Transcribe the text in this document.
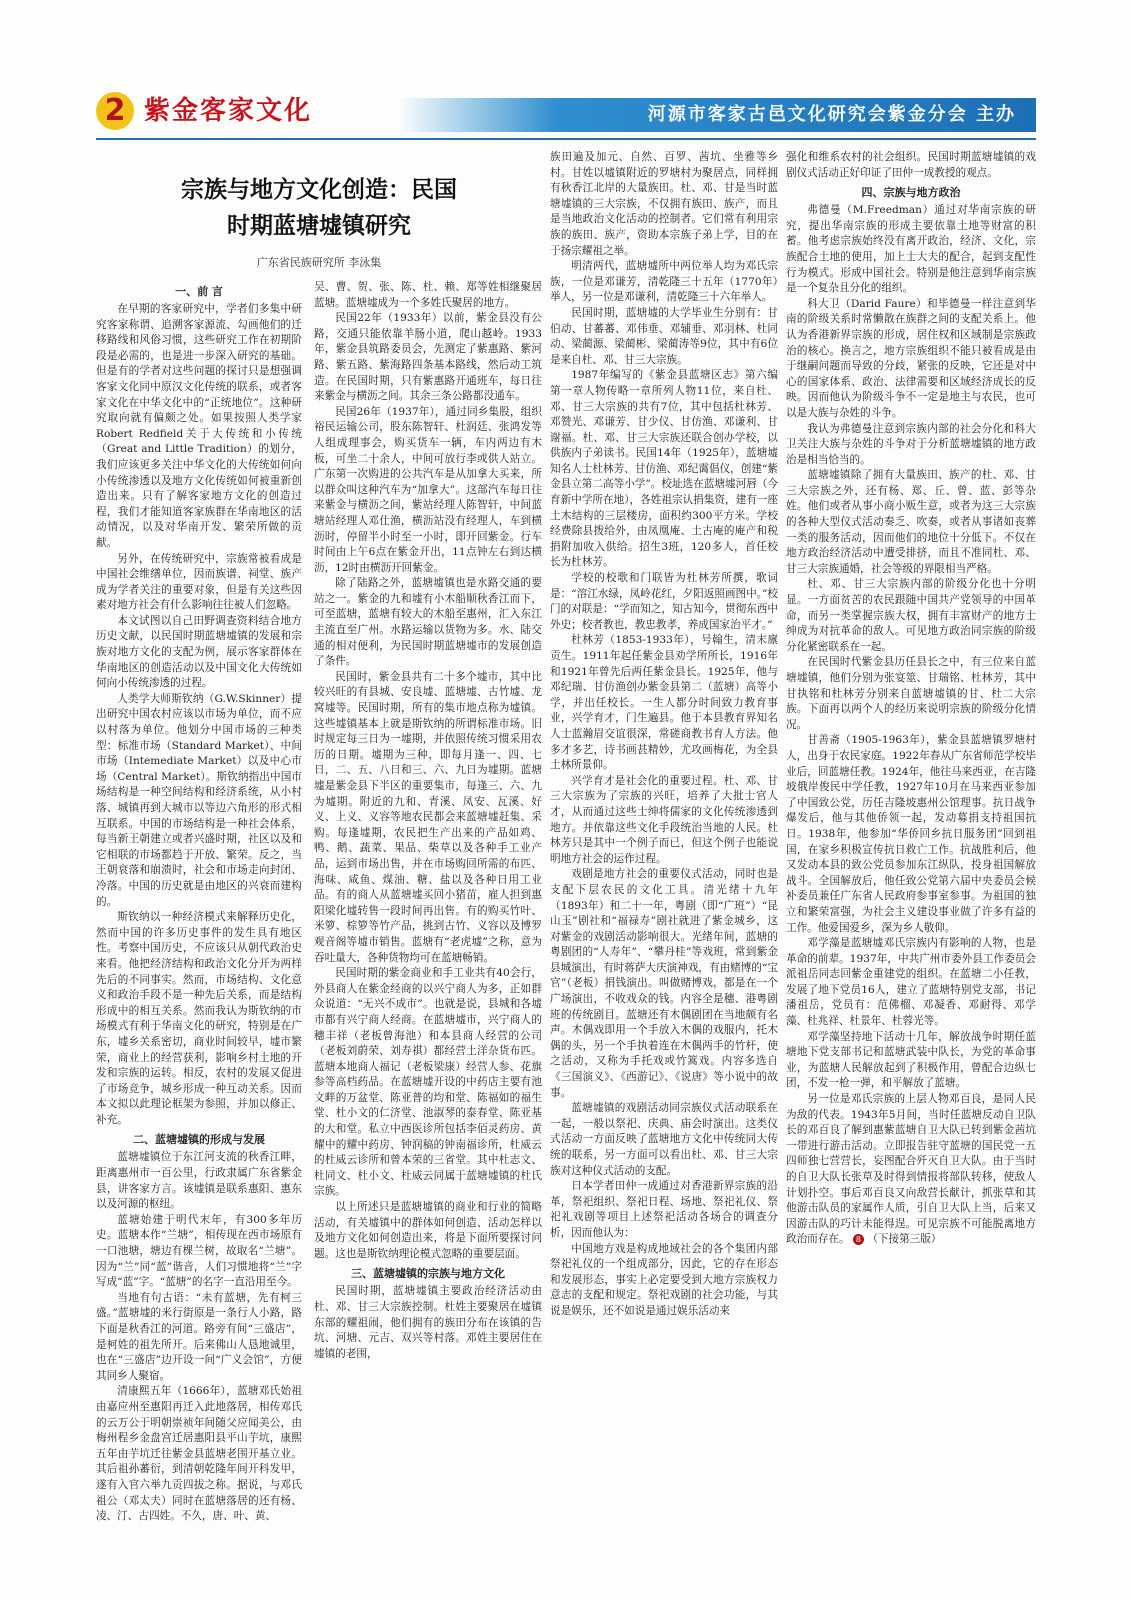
2 紫金客家文化	河源市客家古邑文化研究会紫金分会 主办
宗族与地方文化创造：民国
时期蓝塘墟镇研究
广东省民族研究所 李泳集
一、前 言

在早期的客家研究中，学者们多集中研究客家称谓、追溯客家源流、勾画他们的迁移路线和风俗习惯，这些研究工作在初期阶段是必需的，也是进一步深入研究的基础。但是有的学者对这些问题的探讨只是想强调客家文化同中原汉文化传统的联系，或者客家文化在中华文化中的“正统地位”。这种研究取向就有偏颇之处。如果按照人类学家Robert Redfield关于大传统和小传统（Great and Little Tradition）的划分，我们应该更多关注中华文化的大传统如何向小传统渗透以及地方文化传统如何被重新创造出来。只有了解客家地方文化的创造过程，我们才能知道客家族群在华南地区的活动情况，以及对华南开发、繁荣所做的贡献。

另外，在传统研究中，宗族常被看成是中国社会维缮单位，因而族谱、祠堂、族产成为学者关注的重要对象，但是有关这些因素对地方社会有什么影响往往被人们忽略。

本文试图以自己田野调查资料结合地方历史文献，以民国时期蓝塘墟镇的发展和宗族对地方文化的支配为例，展示客家群体在华南地区的创造活动以及中国文化大传统如何向小传统渗透的过程。

人类学大师斯钦纳（G.W.Skinner）提出研究中国农村应该以市场为单位，而不应以村落为单位。他划分中国市场的三种类型：标准市场（Standard Market）、中间市场（Intemediate Market）以及中心市场（Central Market）。斯钦纳指出中国市场结构是一种空间结构和经济系统，从小村落、城镇再到大城市以等边六角形的形式相互联系。中国的市场结构是一种社会体系，每当新王朝建立或者兴盛时期，社区以及和它相联的市场都趋于开放、繁荣。反之，当王朝衰落和崩溃时，社会和市场走向封闭、冷落。中国的历史就是由地区的兴衰而建构的。

斯钦纳以一种经济模式来解释历史化，然而中国的许多历史事件的发生具有地区性。考察中国历史，不应该只从朝代政治史来看。他把经济结构和政治文化分开为两样先后的不同事实。然而，市场结构、文化意义和政治手段不是一种先后关系，而是结构形成中的相互关系。然而我认为斯钦纳的市场模式有利于华南文化的研究，特别是在广东，墟乡关系密切，商业时间较早，墟市繁荣，商业上的经营获利，影响乡村土地的开发和宗族的运转。相反，农村的发展又促进了市场竞争，城乡形成一种互动关系。因而本文拟以此理论框架为参照，并加以修正、补充。

二、蓝塘墟镇的形成与发展

蓝塘墟镇位于东江河支流的秋香江畔，距离惠州市一百公里，行政隶属广东省紫金县，讲客家方言。该墟镇是联系惠阳、惠东以及河源的枢纽。

蓝塘始建于明代末年，有300多年历史。蓝塘本作“兰塘”，相传现在西市场原有一口池塘，塘边有棵兰树，故取名“兰塘”。因为“兰”同“蓝”谐音，人们习惯地将“兰”字写成“蓝”字。“蓝塘”的名字一直沿用至今。

当地有句古语：“未有蓝塘，先有柯三盛。”蓝塘墟的米行街原是一条行人小路，路下面是秋香江的河道。路旁有间“三盛店”，是柯姓的祖先所开。后来佛山人恳地诚里，也在“三盛店”边开设一间“广义会馆”，方便其同乡人聚宿。

清康熙五年（1666年），蓝塘邓氏始祖由嘉应州至惠阳再迁入此地落居，相传邓氏的云万公于明朝崇祯年间随父应闻美公，由梅州程乡金盘宫迁居惠阳县平山芋坑，康熙五年由芋坑迁往紫金县蓝塘老围开基立业。其后祖孙蕃衍，到清朝乾隆年间开科发甲，遂有入官六举九贡四拔之称。据说，与邓氏祖公（邓太夫）同时在蓝塘落居的还有杨、凌、汀、古四姓。不久，唐、叶、黄、

吴、曹、贺、张、陈、杜、赖、郑等姓相继聚居蓝塘。蓝塘墟成为一个多姓氏聚居的地方。

民国22年（1933年）以前，紫金县没有公路，交通只能依靠羊肠小道，爬山越岭。1933年，紫金县筑路委员会，先测定了紫惠路、紫河路、紫五路、紫海路四条基本路线，然后动工筑造。在民国时期，只有紫惠路开通班车，每日往来紫金与横沥之间。其余三条公路都没通车。

民国26年（1937年），通过同乡集股，组织裕民运输公司，股东陈智轩、杜润廷、张鸿发等人组成理事会，购买货车一辆，车内两边有木板，可坐二十余人，中间可放行李或供人站立。广东第一次购进的公共汽车是从加拿大买来，所以群众叫这种汽车为“加拿大”。这部汽车每日往来紫金与横沥之间，紫站经理人陈智轩，中间蓝塘站经理人邓仕渔，横沥站没有经理人，车到横沥时，停留半小时至一小时，即开回紫金。行车时间由上午6点在紫金开出，11点钟左右到达横沥，12时由横沥开回紫金。

除了陆路之外，蓝塘墟镇也是水路交通的要站之一。紫金的九和墟有小木船顺秋香江而下，可至蓝塘，蓝塘有较大的木船至惠州，汇入东江主流直至广州。水路运输以货物为多。水、陆交通的相对便利，为民国时期蓝塘墟市的发展创造了条件。

民国时，紫金县共有二十多个墟市，其中比较兴旺的有县城、安良墟、蓝塘墟、古竹墟、龙窝墟等。民国时期，所有的集市地点称为墟镇。这些墟镇基本上就是斯钦纳的所谓标准市场。旧时规定每三日为一墟期，并依照传统习惯采用农历的日期。墟期为三种，即每月逢一、四、七日，二、五、八日和三、六、九日为墟期。蓝塘墟是紫金县下半区的重要集市，每逢三、六、九为墟期。附近的九和、青溪、凤安、瓦溪、好义、上义、义容等地农民都会来蓝塘墟赶集、采购。每逢墟期，农民把生产出来的产品如鸡、鸭、鹅、蔬菜、果品、柴草以及各种手工业产品，运到市场出售，并在市场购回所需的布匹、海味、咸鱼、煤油、糖、盐以及各种日用工业品。有的商人从蓝塘墟买回小猪苗，雇人担到惠阳梁化墟转售一段时间再出售。有的购买竹叶、米箩、棕箩等竹产品，挑到古竹、义容以及博罗观音阁等墟市销售。蓝塘有“老虎墟”之称，意为吞吐量大，各种货物均可在蓝塘畅销。

民国时期的紫金商业和手工业共有40会行，外县商人在紫金经商的以兴宁商人为多，正如群众说道：“无兴不成市”。也就是说，县城和各墟市都有兴宁商人经商。在蓝塘墟市，兴宁商人的穗丰祥（老板曾海池）和本县商人经营的公司（老板刘蔚荣、刘寿祺）都经营土洋杂货布匹。蓝塘本地商人福记（老板梁康）经营人参、花旗参等高档药品。在蓝塘墟开设的中药店主要有池文畔的万盆堂、陈亚普的均和堂、陈福如的福生堂、杜小文的仁济堂、池淑琴的泰春堂、陈亚基的大和堂。私立中西医诊所包括李佰灵药房、黄耀中的耀中药房、钟润稿的钟南福诊所，杜威云的杜威云诊所和曾本荣的三省堂。其中杜志文、杜同文、杜小文、杜威云同属于蓝塘墟镇的杜氏宗族。

以上所述只是蓝塘墟镇的商业和行业的简略活动，有关墟镇中的群体如何创造、活动怎样以及地方文化如何创造出来，将是下面所要探讨问题。这也是斯钦纳理论模式忽略的重要层面。

三、蓝塘墟镇的宗族与地方文化

民国时期，蓝塘墟镇主要政治经济活动由杜、邓、甘三大宗族控制。杜姓主要聚居在墟镇东部的耀祖闹，他们拥有的族田分布在该镇的告坑、河塘、元吉、双兴等村落。邓姓主要居住在墟镇的老围，

族田遍及加元、自然、百罗、茜坑、坐雅等乡村。甘姓以墟镇附近的罗塘村为聚居点，同样拥有秋香江北岸的大量族田。杜、邓、甘是当时蓝塘墟镇的三大宗族，不仅拥有族田、族产，而且是当地政治文化活动的控制者。它们常有利用宗族的族田、族产，资助本宗族子弟上学，目的在于扬宗耀祖之举。

明清两代，蓝塘墟所中两位举人均为邓氏宗族，一位是邓谦芳，清乾隆三十五年（1770年）举人，另一位是邓谦利，清乾隆三十六年举人。

民国时期，蓝塘墟的大学毕业生分别有：甘伯动、甘蕃蕃、邓伟垂、邓辅垂、邓羽林、杜同动、梁蔺源、梁蔺彬、梁蔺涛等9位，其中有6位是来自杜、邓、甘三大宗族。

1987年编写的《紫金县蓝塘区志》第六编第一章人物传略一章所列人物11位，来自杜、邓、甘三大宗族的共有7位，其中包括杜林芳、邓赞光、邓谦芳、甘少仪、甘仿渔、邓谦利、甘谢福。杜、邓、甘三大宗族还联合创办学校，以供族内子弟读书。民国14年（1925年），蓝塘墟知名人士杜林芳、甘仿渔、邓纪霭倡仪，创建“紫金县立第二高等小学”。校址选在蓝塘墟河唇（今育新中学所在地），各姓祖宗认捐集资，建有一座土木结构的三层楼房，面积约300平方米。学校经费除县拨给外，由凤凰庵、土古庵的庵产和税捐附加收入供给。招生3班，120多人，首任校长为杜林芳。

学校的校歌和门联皆为杜林芳所撰，歌词是：“溶江水绿，凤岭花红，夕阳返照画图中。”校门的对联是：“学而知之，知古知今，贯彻东西中外史；校者教也，教忠教孝，养成国家治平才。”

杜林芳（1853-1933年），号翰生，清末廪贡生。1911年起任紫金县劝学所所长，1916年和1921年曾先后两任紫金县长。1925年，他与邓纪瑞、甘仿渔创办紫金县第二（蓝塘）高等小学，并出任校长。一生人都分时间致力教育事业，兴学育才，门生遍县。他于本县教育界知名人士蓝瀚眉交谊很深，常磋商教书育人方法。他多才多艺，诗书画甚精妙，尤攻画梅花，为全县土林所景仰。

兴学育才是社会化的重要过程。杜、邓、甘三大宗族为了宗族的兴旺，培养了大批士官人才，从而通过这些士绅将儒家的文化传统渗透到地方。并依靠这些文化手段统治当地的人民。杜林芳只是其中一个例子而已，但这个例子也能说明地方社会的运作过程。

戏剧是地方社会的重要仪式活动，同时也是支配下层农民的文化工具。清光绪十九年（1893年）和二十一年，粤剧（即“广班”）“昆山玉”剧社和“福禄寿”剧社就进了紫金城乡，这对紫金的戏剧活动影响很大。光绪年间，蓝塘的粤剧团的“人寿年”、“攀丹桂”等戏班，常到紫金县城演出，有时蒋萨大庆演神戏，有由赌博的“宝官”（老板）捐钱演出。叫做赌博戏，都是在一个广场演出，不收戏众的钱。内容全是穗、港粤剧班的传统剧目。蓝塘还有木偶剧团在当地颇有名声。木偶戏即用一个手放入木偶的戏服内，托木偶的头，另一个手执着连在木偶两手的竹杆，使之活动，又称为手托戏或竹篙戏。内容多选自《三国演义》、《西游记》、《说唐》等小说中的故事。

蓝塘墟镇的戏剧活动同宗族仪式活动联系在一起，一般以祭祀、庆典、庙会时演出。这类仪式活动一方面反映了蓝塘地方文化中传统同大传统的联系，另一方面可以看出杜、邓、甘三大宗族对这种仪式活动的支配。

日本学者田仲一成通过对香港新界宗族的沿革，祭祀组织、祭祀日程、场地、祭祀礼仪、祭祀礼戏剧等项目上述祭祀活动各场合的调查分析，因而他认为：

中国地方戏是构成地域社会的各个集团内部祭祀礼仪的一个组成部分，因此，它的存在形态和发展形态，事实上必定要受到大地方宗族权力意志的支配和规定。祭祀戏剧的社会功能，与其说是娱乐，还不如说是通过娱乐活动来

强化和维系农村的社会组织。民国时期蓝塘墟镇的戏剧仪式活动正好印证了田仲一成教授的观点。

四、宗族与地方政治

弗德曼（M.Freedman）通过对华南宗族的研究，提出华南宗族的形成主要依靠土地等财富的积蓄。他考虑宗族始终没有离开政治，经济、文化，宗族配合土地的使用，加上士大夫的配合，起到支配性行为模式。形成中国社会。特别是他注意到华南宗族是一个复杂且分化的组织。

科大卫（Darid Faure）和毕德曼一样注意到华南的阶级关系时常懒散在族群之间的支配关系上。他认为香港新界宗族的形成，居住权和区域制是宗族政治的核心。换言之，地方宗族组织不能只被看成是由于继嗣问题而导致的分歧，紧张的反映，它还是对中心的国家体系、政治、法律需要和区域经济成长的反映。因而他认为阶级斗争不一定是地主与农民，也可以是大族与杂姓的斗争。

我认为弗德曼注意到宗族内部的社会分化和科大卫关注大族与杂姓的斗争对于分析蓝塘墟镇的地方政治是相当恰当的。

蓝塘墟镇除了拥有大量族田、族产的杜、邓、甘三大宗族之外，还有杨、郑、丘、曾、蓝、彭等杂姓。他们或者从事小商小贩生意，或者为这三大宗族的各种大型仪式活动奏乏、吹奏，或者从事诸如丧葬一类的服务活动，因而他们的地位十分低下。不仅在地方政治经济活动中遭受排挤，而且不准同杜、邓、甘三大宗族通婚，社会等级的界限相当严格。

杜、邓、甘三大宗族内部的阶级分化也十分明显。一方面贫苦的农民跟随中国共产党领导的中国革命，而另一类掌握宗族大权，拥有丰富财产的地方士绅成为对抗革命的敌人。可见地方政治同宗族的阶级分化紧密联系在一起。

在民国时代紫金县历任县长之中，有三位来自蓝塘墟镇，他们分别为张宴筮、甘瑞铭、杜林芳，其中甘执铭和杜林芳分别来自蓝塘墟镇的甘、杜二大宗族。下面再以两个人的经历来说明宗族的阶级分化情况。

甘善斋（1905-1963年），紫金县蓝塘镇罗塘村人，出身于农民家庭。1922年春从广东省师范学校毕业后，回蓝塘任教。1924年，他往马来西亚，在吉隆坡俄岸俊民中学任教，1927年10月在马来西亚参加了中国致公党，历任吉隆坡惠州公馆理事。抗日战争爆发后，他与其他侨领一起，发动募捐支持祖国抗日。1938年，他参加“华侨回乡抗日服务团”回到祖国，在家乡积极宣传抗日救亡工作。抗战胜利后，他又发动本县的致公党员参加东江纵队，投身祖国解放战斗。全国解放后，他任致公党第六届中央委员会候补委员兼任广东省人民政府参事室参事。为祖国的独立和繁荣富强，为社会主义建设事业做了许多有益的工作。他爱国爱乡，深为乡人敬仰。

邓学藻是蓝塘墟邓氏宗族内有影响的人物，也是革命的前辈。1937年，中共广州市委外县工作委员会派祖岳同志回紫金重建党的组织。在蓝塘二小任教，发展了地下党员16人，建立了蓝塘特别党支部，书记潘祖岳，党员有：范佛榴、邓凝香、邓耐得、邓学藻、杜兆祥、杜景年、杜蓉光等。

邓学藻坚持地下活动十几年，解放战争时期任蓝塘地下党支部书记和蓝塘武装中队长，为党的革命事业，为蓝塘人民解放起到了积极作用，曾配合边纵七团，不发一枪一弹，和平解放了蓝塘。

另一位是邓氏宗族的上层人物邓百良，是同人民为敌的代表。1943年5月间，当时任蓝塘反动自卫队长的邓百良了解到惠紫蓝塘自卫大队已转到紫金茜坑一带进行游击活动。立即报告驻守蓝塘的国民党一五四师独七营营长，妄图配合歼灭自卫大队。由于当时的自卫大队长张草及时得到情报将部队转移，使敌人计划扑空。事后邓百良又向敌营长献计，抓张草和其他游击队员的家属作人质，引自卫大队上当，后来又因游击队的巧计未能得逞。可见宗族不可能脱离地方政治而存在。 8 （下接第三版）
